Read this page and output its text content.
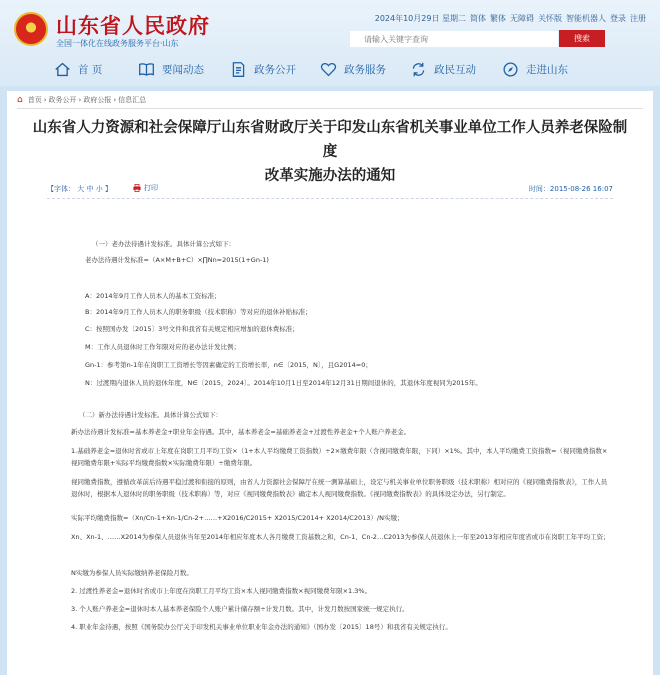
山东省人民政府
全国一体化在线政务服务平台·山东
2024年10月29日 星期二 简体 繁体 无障碍 关怀版 智能机器人 登录 注册
请输入关键字查询
搜索
首 页	要闻动态	政务公开	政务服务	政民互动	走进山东
⌂ 首页 › 政务公开 › 政府公报 › 信息汇总
山东省人力资源和社会保障厅山东省财政厅关于印发山东省机关事业单位工作人员养老保险制度
改革实施办法的通知
【字体： 大 中 小 】	打印	时间：2015-08-26 16:07
（一）老办法待遇计发标准。具体计算公式如下：
老办法待遇计发标准=（A×M+B+C）×∏Nn=2015(1+Gn-1)
A：2014年9月工作人员本人的基本工资标准；
B：2014年9月工作人员本人的职务职级（技术职称）等对应的退休补贴标准；
C：按照国办发〔2015〕3号文件和我省有关规定相应增加的退休费标准；
M：工作人员退休时工作年限对应的老办法计发比例；
Gn-1：参考第n-1年在岗职工工资增长等因素确定的工资增长率，n∈〔2015，N〕，且G2014=0；
N：过渡期内退休人员的退休年度，N∈〔2015，2024〕。2014年10月1日至2014年12月31日期间退休的，其退休年度视同为2015年。
（二）新办法待遇计发标准。具体计算公式如下：
新办法待遇计发标准=基本养老金+职业年金待遇。其中，基本养老金=基础养老金+过渡性养老金+个人账户养老金。
1.基础养老金=退休时省或市上年度在岗职工月平均工资×（1+本人平均缴费工资指数）÷2×缴费年限（含视同缴费年限，下同）×1%。其中，本人平均缴费工资指数=（视同缴费指数×视同缴费年限+实际平均缴费指数×实际缴费年限）÷缴费年限。
视同缴费指数，遵循改革前后待遇平稳过渡和衔接的原则，由省人力资源社会保障厅在统一测算基础上，设定与机关事业单位职务职级（技术职称）相对应的《视同缴费指数表》，工作人员退休时，根据本人退休时的职务职级（技术职称）等，对应《视同缴费指数表》确定本人视同缴费指数。《视同缴费指数表》的具体设定办法，另行制定。
实际平均缴费指数=（Xn/Cn-1+Xn-1/Cn-2+……+X2016/C2015+ X2015/C2014+ X2014/C2013）/N实缴；
Xn、Xn-1、……X2014为参保人员退休当年至2014年相应年度本人各月缴费工资基数之和，Cn-1、Cn-2…C2013为参保人员退休上一年至2013年相应年度省或市在岗职工年平均工资；
N实缴为参保人员实际缴纳养老保险月数。
2. 过渡性养老金=退休时省或市上年度在岗职工月平均工资×本人视同缴费指数×视同缴费年限×1.3%。
3. 个人账户养老金=退休时本人基本养老保险个人账户累计储存额÷计发月数。其中，计发月数按国家统一规定执行。
4. 职业年金待遇，按照《国务院办公厅关于印发机关事业单位职业年金办法的通知》（国办发〔2015〕18号）和我省有关规定执行。
